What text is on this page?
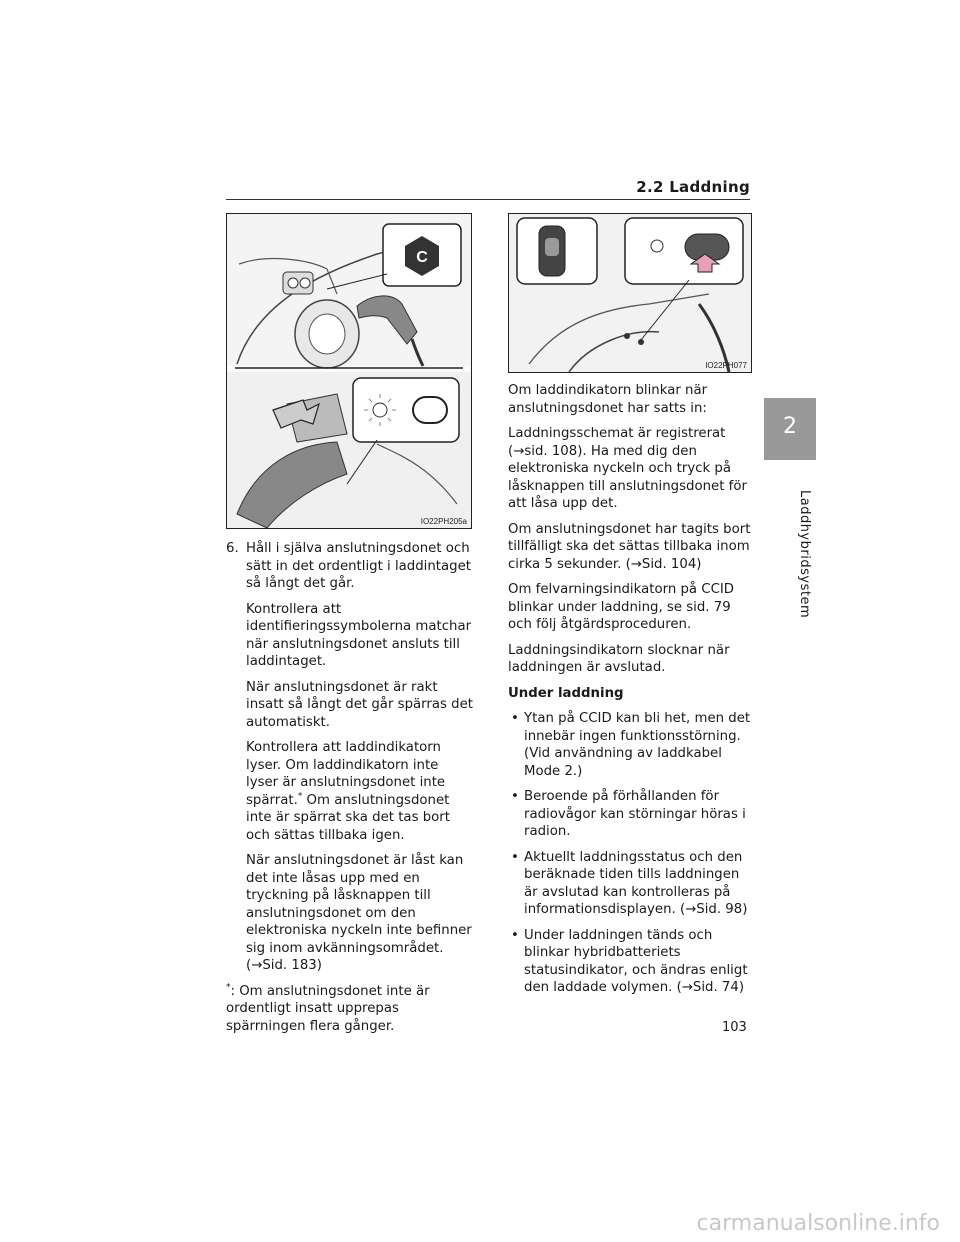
2.2 Laddning
2
Laddhybridsystem
C
IO22PH205a
IO22PH077
6. Håll i själva anslutningsdonet och sätt in det ordentligt i laddintaget så långt det går.

Kontrollera att identifieringssymbolerna matchar när anslutningsdonet ansluts till laddintaget.

När anslutningsdonet är rakt insatt så långt det går spärras det automatiskt.

Kontrollera att laddindikatorn lyser. Om laddindikatorn inte lyser är anslutningsdonet inte spärrat.* Om anslutningsdonet inte är spärrat ska det tas bort och sättas tillbaka igen.

När anslutningsdonet är låst kan det inte låsas upp med en tryckning på låsknappen till anslutningsdonet om den elektroniska nyckeln inte befinner sig inom avkänningsområdet.

(→Sid. 183)

*: Om anslutningsdonet inte är ordentligt insatt upprepas spärrningen flera gånger.

Om laddindikatorn blinkar när anslutningsdonet har satts in:

Laddningsschemat är registrerat (→sid. 108). Ha med dig den elektroniska nyckeln och tryck på låsknappen till anslutningsdonet för att låsa upp det.

Om anslutningsdonet har tagits bort tillfälligt ska det sättas tillbaka inom cirka 5 sekunder. (→Sid. 104)

Om felvarningsindikatorn på CCID blinkar under laddning, se sid. 79 och följ åtgärdsproceduren.

Laddningsindikatorn slocknar när laddningen är avslutad.

Under laddning

• Ytan på CCID kan bli het, men det innebär ingen funktionsstörning. (Vid användning av laddkabel Mode 2.)
• Beroende på förhållanden för radiovågor kan störningar höras i radion.
• Aktuellt laddningsstatus och den beräknade tiden tills laddningen är avslutad kan kontrolleras på informationsdisplayen. (→Sid. 98)
• Under laddningen tänds och blinkar hybridbatteriets statusindikator, och ändras enligt den laddade volymen. (→Sid. 74)
103
carmanualsonline.info
